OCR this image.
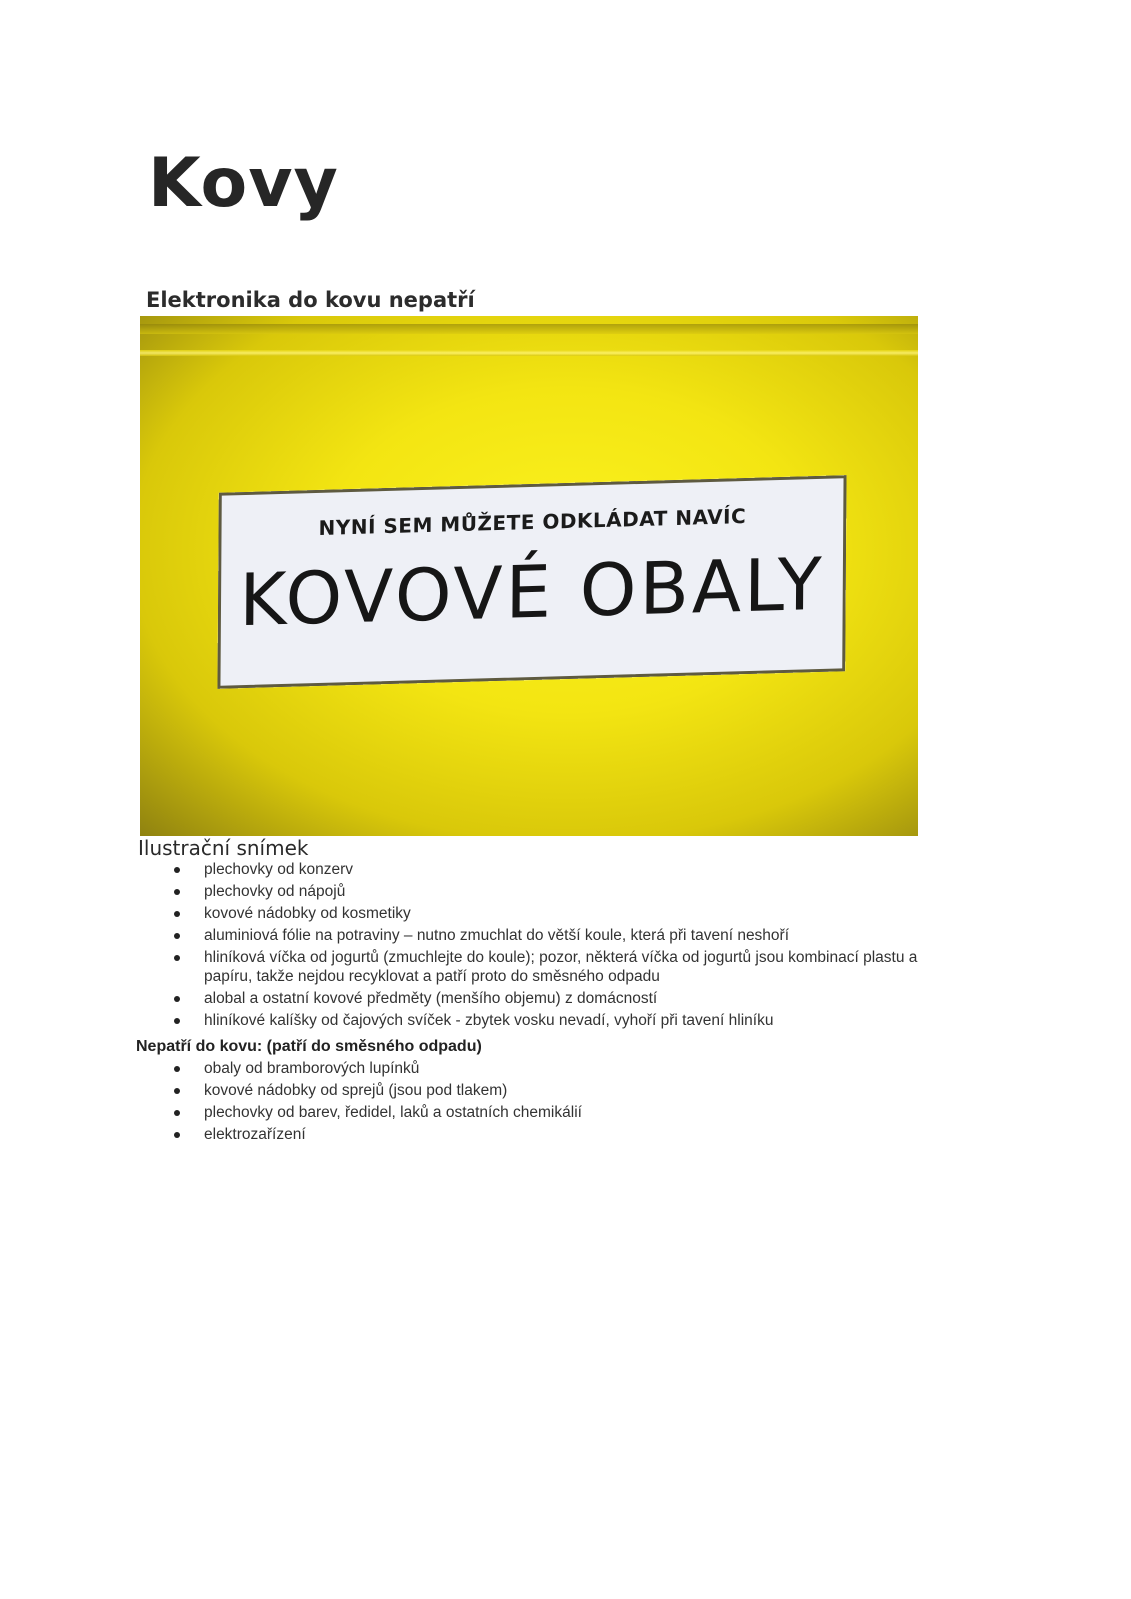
Kovy
Elektronika do kovu nepatří
NYNÍ SEM MŮŽETE ODKLÁDAT NAVÍC
KOVOVÉ OBALY

Ilustrační snímek

plechovky od konzerv
plechovky od nápojů
kovové nádobky od kosmetiky
aluminiová fólie na potraviny – nutno zmuchlat do větší koule, která při tavení neshoří
hliníková víčka od jogurtů (zmuchlejte do koule); pozor, některá víčka od jogurtů jsou kombinací plastu a papíru, takže nejdou recyklovat a patří proto do směsného odpadu
alobal a ostatní kovové předměty (menšího objemu) z domácností
hliníkové kalíšky od čajových svíček - zbytek vosku nevadí, vyhoří při tavení hliníku
Nepatří do kovu: (patří do směsného odpadu)
obaly od bramborových lupínků
kovové nádobky od sprejů (jsou pod tlakem)
plechovky od barev, ředidel, laků a ostatních chemikálií
elektrozařízení
